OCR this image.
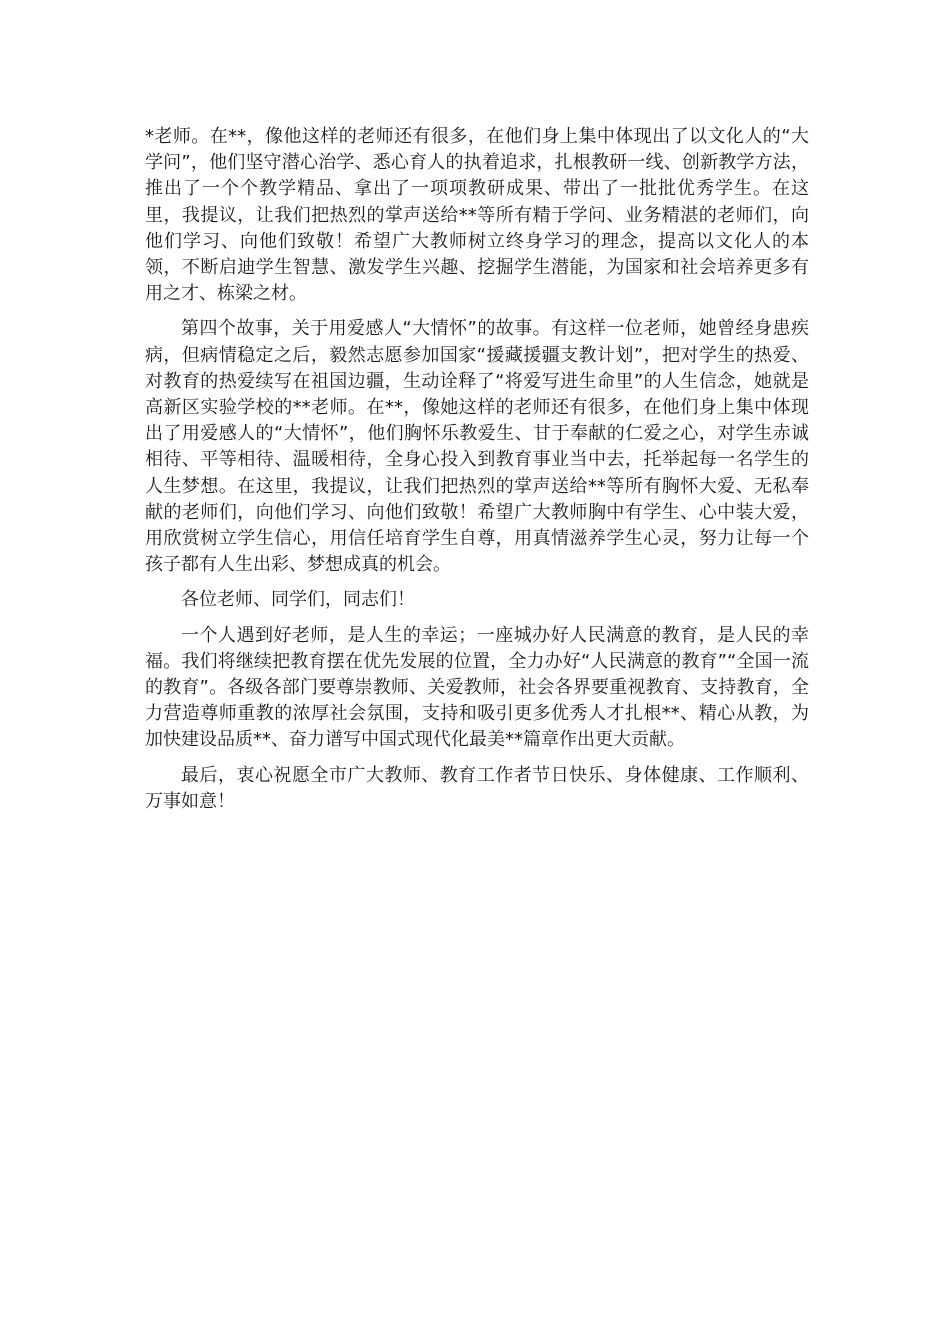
*老师。在**，像他这样的老师还有很多，在他们身上集中体现出了以文化人的“大学问”，他们坚守潜心治学、悉心育人的执着追求，扎根教研一线、创新教学方法，推出了一个个教学精品、拿出了一项项教研成果、带出了一批批优秀学生。在这里，我提议，让我们把热烈的掌声送给**等所有精于学问、业务精湛的老师们，向他们学习、向他们致敬！希望广大教师树立终身学习的理念，提高以文化人的本领，不断启迪学生智慧、激发学生兴趣、挖掘学生潜能，为国家和社会培养更多有用之才、栋梁之材。

第四个故事，关于用爱感人“大情怀”的故事。有这样一位老师，她曾经身患疾病，但病情稳定之后，毅然志愿参加国家“援藏援疆支教计划”，把对学生的热爱、对教育的热爱续写在祖国边疆，生动诠释了“将爱写进生命里”的人生信念，她就是高新区实验学校的**老师。在**，像她这样的老师还有很多，在他们身上集中体现出了用爱感人的“大情怀”，他们胸怀乐教爱生、甘于奉献的仁爱之心，对学生赤诚相待、平等相待、温暖相待，全身心投入到教育事业当中去，托举起每一名学生的人生梦想。在这里，我提议，让我们把热烈的掌声送给**等所有胸怀大爱、无私奉献的老师们，向他们学习、向他们致敬！希望广大教师胸中有学生、心中装大爱，用欣赏树立学生信心，用信任培育学生自尊，用真情滋养学生心灵，努力让每一个孩子都有人生出彩、梦想成真的机会。

各位老师、同学们，同志们！

一个人遇到好老师，是人生的幸运；一座城办好人民满意的教育，是人民的幸福。我们将继续把教育摆在优先发展的位置，全力办好“人民满意的教育”“全国一流的教育”。各级各部门要尊崇教师、关爱教师，社会各界要重视教育、支持教育，全力营造尊师重教的浓厚社会氛围，支持和吸引更多优秀人才扎根**、精心从教，为加快建设品质**、奋力谱写中国式现代化最美**篇章作出更大贡献。

最后，衷心祝愿全市广大教师、教育工作者节日快乐、身体健康、工作顺利、万事如意！
